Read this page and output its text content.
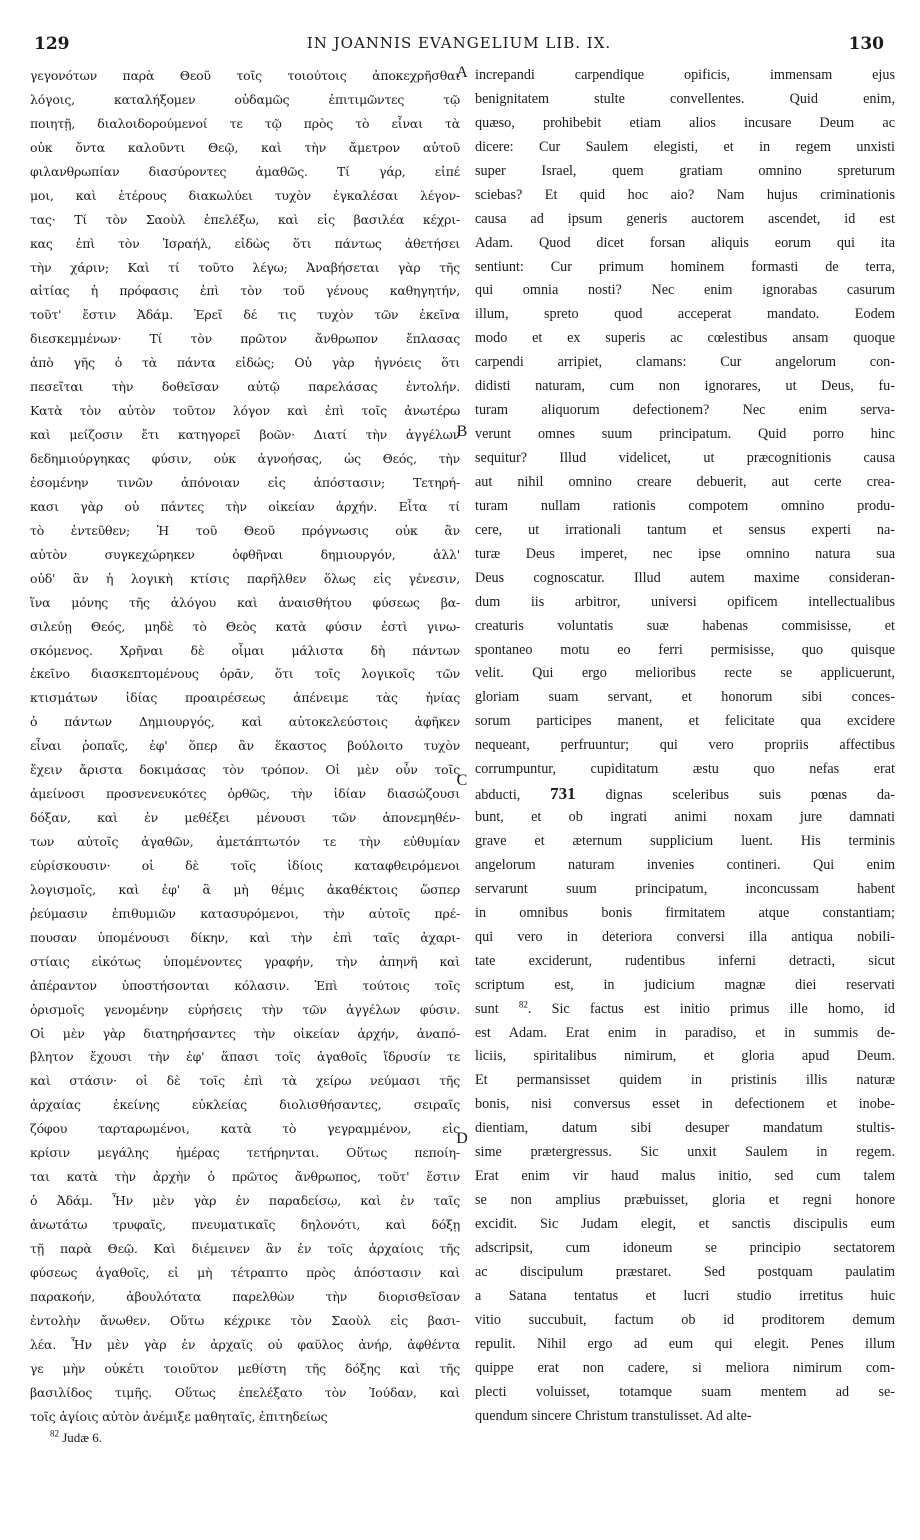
129	IN JOANNIS EVANGELIUM LIB. IX.	130
γεγονότων παρὰ Θεοῦ τοῖς τοιούτοις ἀποκεχρῆσθαι
λόγοις, καταλήξομεν οὐδαμῶς ἐπιτιμῶντες τῷ
ποιητῇ, διαλοιδορούμενοί τε τῷ πρὸς τὸ εἶναι τὰ
οὐκ ὄντα καλοῦντι Θεῷ, καὶ τὴν ἄμετρον αὐτοῦ
φιλανθρωπίαν διασύροντες ἀμαθῶς. Τί γάρ, εἰπέ
μοι, καὶ ἑτέρους διακωλύει τυχὸν ἐγκαλέσαι λέγον-
τας· Τί τὸν Σαοὺλ ἐπελέξω, καὶ εἰς βασιλέα κέχρι-
κας ἐπὶ τὸν Ἰσραήλ, εἰδὼς ὅτι πάντως ἀθετήσει
τὴν χάριν; Καὶ τί τοῦτο λέγω; Ἀναβήσεται γὰρ τῆς
αἰτίας ἡ πρόφασις ἐπὶ τὸν τοῦ γένους καθηγητήν,
τοῦτ' ἔστιν Ἀδάμ. Ἐρεῖ δέ τις τυχὸν τῶν ἐκεῖνα
διεσκεμμένων· Τί τὸν πρῶτον ἄνθρωπον ἔπλασας
ἀπὸ γῆς ὁ τὰ πάντα εἰδώς; Οὐ γὰρ ἠγνόεις ὅτι
πεσεῖται τὴν δοθεῖσαν αὐτῷ παρελάσας ἐντολήν.
Κατὰ τὸν αὐτὸν τοῦτον λόγον καὶ ἐπὶ τοῖς ἀνωτέρω
καὶ μείζοσιν ἔτι κατηγορεῖ βοῶν· Διατί τὴν ἀγγέλων
δεδημιούργηκας φύσιν, οὐκ ἀγνοήσας, ὡς Θεός, τὴν
ἐσομένην τινῶν ἀπόνοιαν εἰς ἀπόστασιν; Τετηρή-
κασι γὰρ οὐ πάντες τὴν οἰκείαν ἀρχήν. Εἶτα τί
τὸ ἐντεῦθεν; Ἡ τοῦ Θεοῦ πρόγνωσις οὐκ ἂν
αὐτὸν συγκεχώρηκεν ὀφθῆναι δημιουργόν, ἀλλ'
οὐδ' ἂν ἡ λογικὴ κτίσις παρῆλθεν ὅλως εἰς γένεσιν,
ἵνα μόνης τῆς ἀλόγου καὶ ἀναισθήτου φύσεως βα-
σιλεύῃ Θεός, μηδὲ τὸ Θεὸς κατὰ φύσιν ἐστὶ γινω-
σκόμενος. Χρῆναι δὲ οἶμαι μάλιστα δὴ πάντων
ἐκεῖνο διασκεπτομένους ὁρᾶν, ὅτι τοῖς λογικοῖς τῶν
κτισμάτων ἰδίας προαιρέσεως ἀπένειμε τὰς ἡνίας
ὁ πάντων Δημιουργός, καὶ αὐτοκελεύστοις ἀφῆκεν
εἶναι ῥοπαῖς, ἐφ' ὅπερ ἂν ἕκαστος βούλοιτο τυχὸν
ἔχειν ἄριστα δοκιμάσας τὸν τρόπον. Οἱ μὲν οὖν τοῖς
ἀμείνοσι προσνενευκότες ὀρθῶς, τὴν ἰδίαν διασώζουσι
δόξαν, καὶ ἐν μεθέξει μένουσι τῶν ἀπονεμηθέν-
των αὐτοῖς ἀγαθῶν, ἀμετάπτωτόν τε τὴν εὐθυμίαν
εὑρίσκουσιν· οἱ δὲ τοῖς ἰδίοις καταφθειρόμενοι
λογισμοῖς, καὶ ἐφ' ἃ μὴ θέμις ἀκαθέκτοις ὥσπερ
ῥεύμασιν ἐπιθυμιῶν κατασυρόμενοι, τὴν αὐτοῖς πρέ-
πουσαν ὑπομένουσι δίκην, καὶ τὴν ἐπὶ ταῖς ἀχαρι-
στίαις εἰκότως ὑπομένοντες γραφήν, τὴν ἀπηνῆ καὶ
ἀπέραντον ὑποστήσονται κόλασιν. Ἐπὶ τούτοις τοῖς
ὁρισμοῖς γενομένην εὑρήσεις τὴν τῶν ἀγγέλων φύσιν.
Οἱ μὲν γὰρ διατηρήσαντες τὴν οἰκείαν ἀρχήν, ἀναπό-
βλητον ἔχουσι τὴν ἐφ' ἅπασι τοῖς ἀγαθοῖς ἵδρυσίν τε
καὶ στάσιν· οἱ δὲ τοῖς ἐπὶ τὰ χείρω νεύμασι τῆς
ἀρχαίας ἐκείνης εὐκλείας διολισθήσαντες, σειραῖς
ζόφου ταρταρωμένοι, κατὰ τὸ γεγραμμένον, εἰς
κρίσιν μεγάλης ἡμέρας τετήρηνται. Οὕτως πεποίη-
ται κατὰ τὴν ἀρχὴν ὁ πρῶτος ἄνθρωπος, τοῦτ' ἔστιν
ὁ Ἀδάμ. Ἦν μὲν γὰρ ἐν παραδείσῳ, καὶ ἐν ταῖς
ἀνωτάτω τρυφαῖς, πνευματικαῖς δηλονότι, καὶ δόξῃ
τῇ παρὰ Θεῷ. Καὶ διέμεινεν ἂν ἐν τοῖς ἀρχαίοις τῆς
φύσεως ἀγαθοῖς, εἰ μὴ τέτραπτο πρὸς ἀπόστασιν καὶ
παρακοήν, ἀβουλότατα παρελθὼν τὴν διορισθεῖσαν
ἐντολὴν ἄνωθεν. Οὕτω κέχρικε τὸν Σαοὺλ εἰς βασι-
λέα. Ἦν μὲν γὰρ ἐν ἀρχαῖς οὐ φαῦλος ἀνήρ, ἀφθέντα
γε μὴν οὐκέτι τοιοῦτον μεθίστη τῆς δόξης καὶ τῆς
βασιλίδος τιμῆς. Οὕτως ἐπελέξατο τὸν Ἰούδαν, καὶ
τοῖς ἁγίοις αὐτὸν ἀνέμιξε μαθηταῖς, ἐπιτηδείως
increpandi carpendique opificis, immensam ejus
benignitatem stulte convellentes. Quid enim,
quæso, prohibebit etiam alios incusare Deum ac
dicere: Cur Saulem elegisti, et in regem unxisti
super Israel, quem gratiam omnino spreturum
sciebas? Et quid hoc aio? Nam hujus criminationis
causa ad ipsum generis auctorem ascendet, id est
Adam. Quod dicet forsan aliquis eorum qui ita
sentiunt: Cur primum hominem formasti de terra,
qui omnia nosti? Nec enim ignorabas casurum
illum, spreto quod acceperat mandato. Eodem
modo et ex superis ac cœlestibus ansam quoque
carpendi arripiet, clamans: Cur angelorum con-
didisti naturam, cum non ignorares, ut Deus, fu-
turam aliquorum defectionem? Nec enim serva-
verunt omnes suum principatum. Quid porro hinc
sequitur? Illud videlicet, ut præcognitionis causa
aut nihil omnino creare debuerit, aut certe crea-
turam nullam rationis compotem omnino produ-
cere, ut irrationali tantum et sensus experti na-
turæ Deus imperet, nec ipse omnino natura sua
Deus cognoscatur. Illud autem maxime consideran-
dum iis arbitror, universi opificem intellectualibus
creaturis voluntatis suæ habenas commisisse, et
spontaneo motu eo ferri permisisse, quo quisque
velit. Qui ergo melioribus recte se applicuerunt,
gloriam suam servant, et honorum sibi conces-
sorum participes manent, et felicitate qua excidere
nequeant, perfruuntur; qui vero propriis affectibus
corrumpuntur, cupiditatum æstu quo nefas erat
abducti, 731 dignas sceleribus suis pœnas da-
bunt, et ob ingrati animi noxam jure damnati
grave et æternum supplicium luent. His terminis
angelorum naturam invenies contineri. Qui enim
servarunt suum principatum, inconcussam habent
in omnibus bonis firmitatem atque constantiam;
qui vero in deteriora conversi illa antiqua nobili-
tate exciderunt, rudentibus inferni detracti, sicut
scriptum est, in judicium magnæ diei reservati
sunt $^{82}$. Sic factus est initio primus ille homo, id
est Adam. Erat enim in paradiso, et in summis de-
liciis, spiritalibus nimirum, et gloria apud Deum.
Et permansisset quidem in pristinis illis naturæ
bonis, nisi conversus esset in defectionem et inobe-
dientiam, datum sibi desuper mandatum stultis-
sime prætergressus. Sic unxit Saulem in regem.
Erat enim vir haud malus initio, sed cum talem
se non amplius præbuisset, gloria et regni honore
excidit. Sic Judam elegit, et sanctis discipulis eum
adscripsit, cum idoneum se principio sectatorem
ac discipulum præstaret. Sed postquam paulatim
a Satana tentatus et lucri studio irretitus huic
vitio succubuit, factum ob id proditorem demum
repulit. Nihil ergo ad eum qui elegit. Penes illum
quippe erat non cadere, si meliora nimirum com-
plecti voluisset, totamque suam mentem ad se-
quendum sincere Christum transtulisset. Ad alte-
A
B
C
D
$^{82}$ Judæ 6.
